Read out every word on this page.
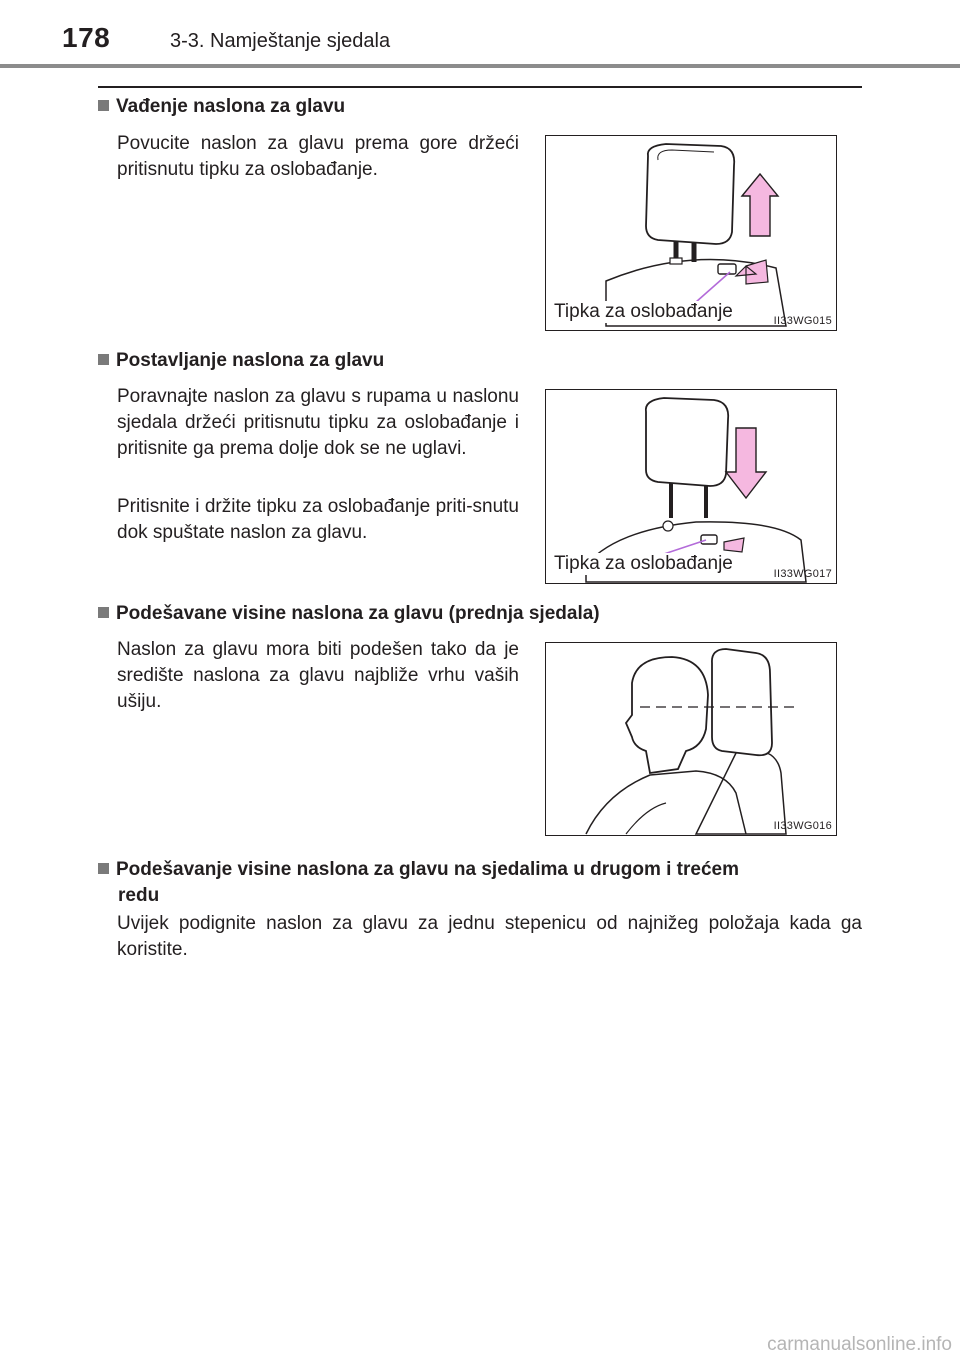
178	3-3. Namještanje sjedala
Vađenje naslona za glavu
Povucite naslon za glavu prema gore držeći pritisnutu tipku za oslobađanje.
Tipka za oslobađanje	II33WG015
Postavljanje naslona za glavu
Poravnajte naslon za glavu s rupama u naslonu sjedala držeći pritisnutu tipku za oslobađanje i pritisnite ga prema dolje dok se ne uglavi.
Pritisnite i držite tipku za oslobađanje priti-snutu dok spuštate naslon za glavu.
Tipka za oslobađanje	II33WG017
Podešavane visine naslona za glavu (prednja sjedala)
Naslon za glavu mora biti podešen tako da je središte naslona za glavu najbliže vrhu vaših ušiju.
II33WG016
Podešavanje visine naslona za glavu na sjedalima u drugom i trećem
redu
Uvijek podignite naslon za glavu za jednu stepenicu od najnižeg položaja kada ga koristite.
carmanualsonline.info
